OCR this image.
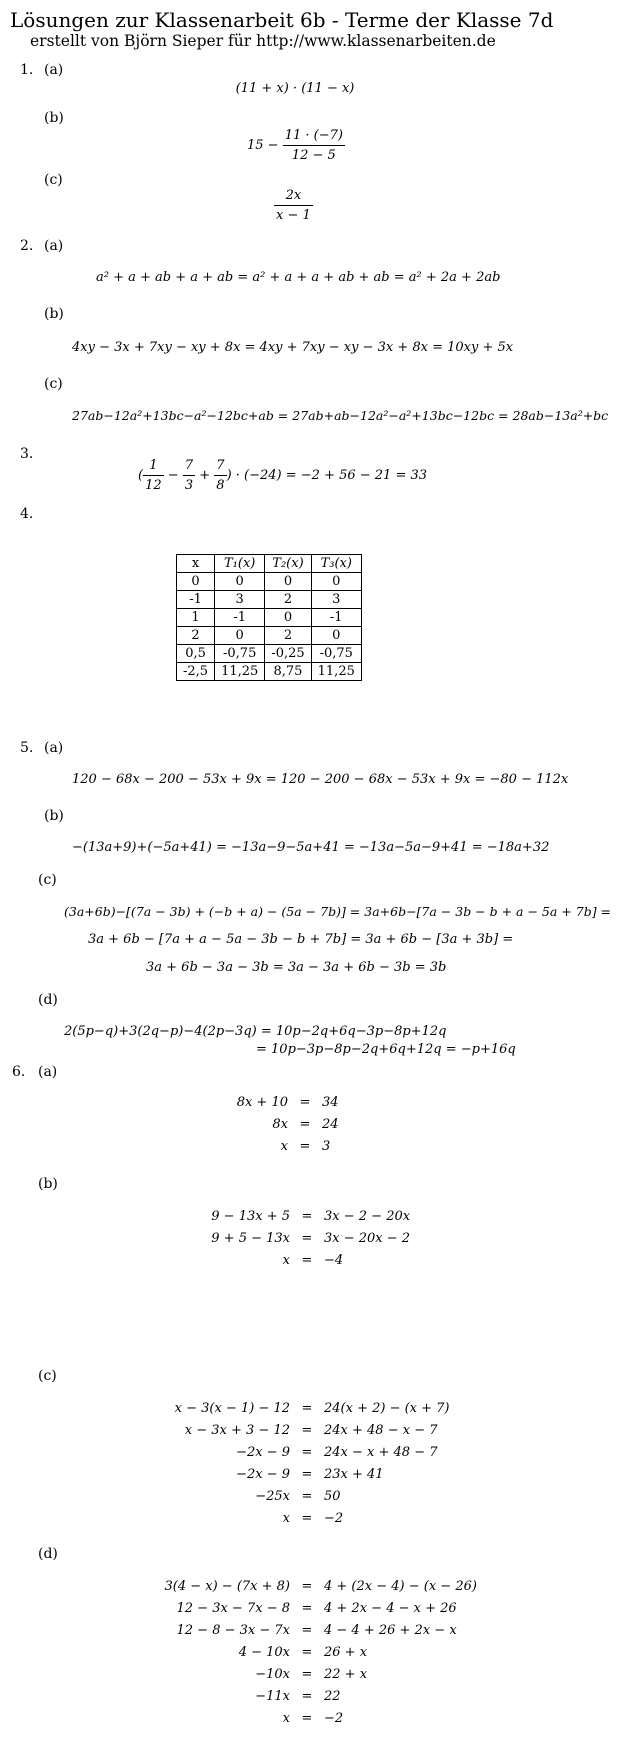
Lösungen zur Klassenarbeit 6b - Terme der Klasse 7d
erstellt von Björn Sieper für http://www.klassenarbeiten.de
1. (a)
(11 + x) · (11 − x)
(b)
$15 - \frac{11 \cdot (-7)}{12 - 5}$
(c)
$\frac{2x}{x - 1}$
2. (a)
a² + a + ab + a + ab = a² + a + a + ab + ab = a² + 2a + 2ab
(b)
4xy − 3x + 7xy − xy + 8x = 4xy + 7xy − xy − 3x + 8x = 10xy + 5x
(c)
27ab−12a²+13bc−a²−12bc+ab = 27ab+ab−12a²−a²+13bc−12bc = 28ab−13a²+bc
3.
( $\frac{1}{12} - \frac{7}{3} + \frac{7}{8}$ ) · (−24) = −2 + 56 − 21 = 33
4.
x	T₁(x)	T₂(x)	T₃(x)
0	0	0	0
-1	3	2	3
1	-1	0	-1
2	0	2	0
0,5	-0,75	-0,25	-0,75
-2,5	11,25	8,75	11,25
5. (a)
120 − 68x − 200 − 53x + 9x = 120 − 200 − 68x − 53x + 9x = −80 − 112x
(b)
−(13a+9)+(−5a+41) = −13a−9−5a+41 = −13a−5a−9+41 = −18a+32
(c)
(3a+6b)−[(7a − 3b) + (−b + a) − (5a − 7b)] = 3a+6b−[7a − 3b − b + a − 5a + 7b] =
3a + 6b − [7a + a − 5a − 3b − b + 7b] = 3a + 6b − [3a + 3b] =
3a + 6b − 3a − 3b = 3a − 3a + 6b − 3b = 3b
(d)
2(5p−q)+3(2q−p)−4(2p−3q) = 10p−2q+6q−3p−8p+12q
= 10p−3p−8p−2q+6q+12q = −p+16q
6. (a)
8x + 10 = 34
8x = 24
x = 3
(b)
9 − 13x + 5 = 3x − 2 − 20x
9 + 5 − 13x = 3x − 20x − 2
x = −4
(c)
x − 3(x − 1) − 12 = 24(x + 2) − (x + 7)
x − 3x + 3 − 12 = 24x + 48 − x − 7
−2x − 9 = 24x − x + 48 − 7
−2x − 9 = 23x + 41
−25x = 50
x = −2
(d)
3(4 − x) − (7x + 8) = 4 + (2x − 4) − (x − 26)
12 − 3x − 7x − 8 = 4 + 2x − 4 − x + 26
12 − 8 − 3x − 7x = 4 − 4 + 26 + 2x − x
4 − 10x = 26 + x
−10x = 22 + x
−11x = 22
x = −2
